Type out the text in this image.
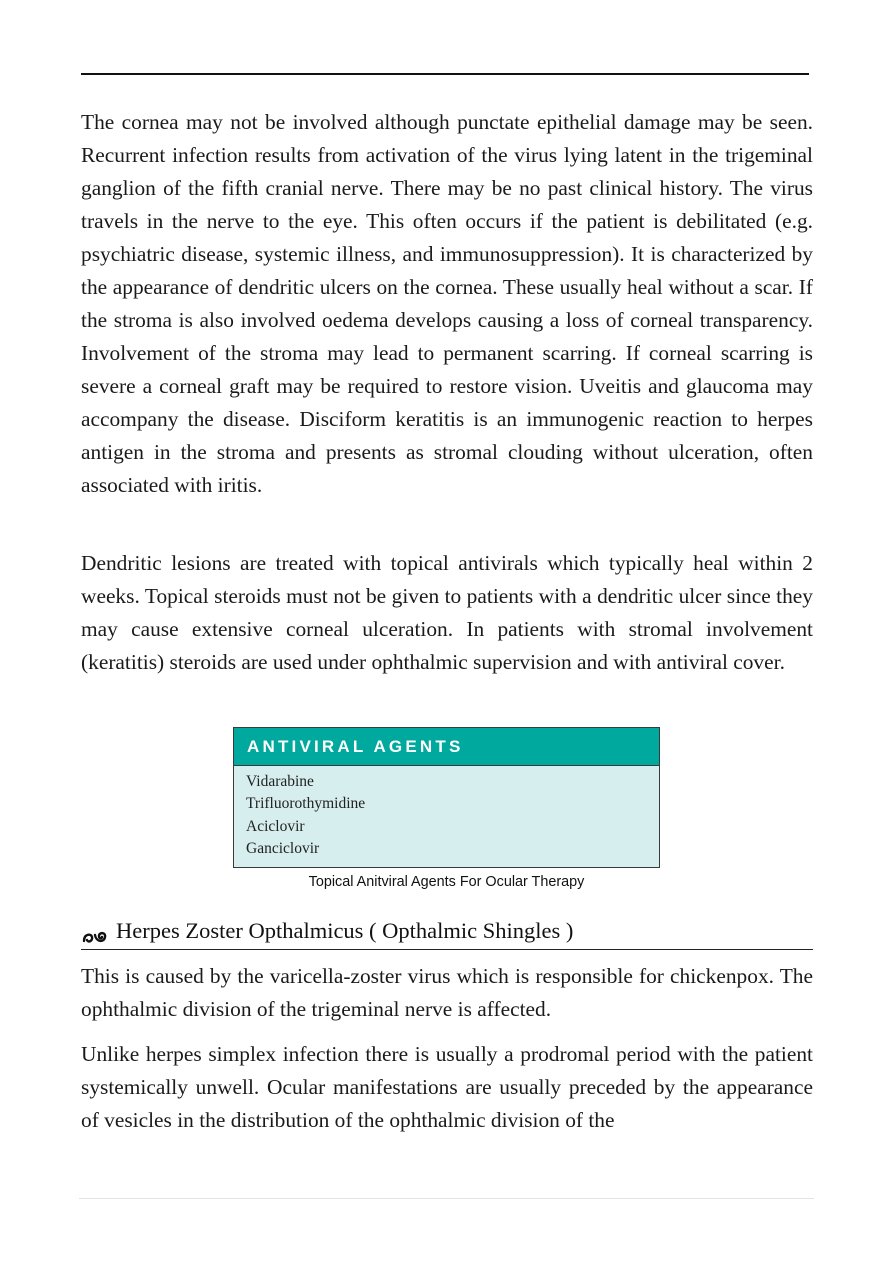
The cornea may not be involved although punctate epithelial damage may be seen. Recurrent infection results from activation of the virus lying latent in the trigeminal ganglion of the fifth cranial nerve. There may be no past clinical history. The virus travels in the nerve to the eye. This often occurs if the patient is debilitated (e.g. psychiatric disease, systemic illness, and immunosuppression). It is characterized by the appearance of dendritic ulcers on the cornea. These usually heal without a scar. If the stroma is also involved oedema develops causing a loss of corneal transparency. Involvement of the stroma may lead to permanent scarring. If corneal scarring is severe a corneal graft may be required to restore vision. Uveitis and glaucoma may accompany the disease. Disciform keratitis is an immunogenic reaction to herpes antigen in the stroma and presents as stromal clouding without ulceration, often associated with iritis.

Dendritic lesions are treated with topical antivirals which typically heal within 2 weeks. Topical steroids must not be given to patients with a dendritic ulcer since they may cause extensive corneal ulceration. In patients with stromal involvement (keratitis) steroids are used under ophthalmic supervision and with antiviral cover.

ANTIVIRAL AGENTS
Vidarabine
Trifluorothymidine
Aciclovir
Ganciclovir
Topical Anitviral Agents For Ocular Therapy
Herpes Zoster Opthalmicus ( Opthalmic Shingles )

This is caused by the varicella-zoster virus which is responsible for chickenpox. The ophthalmic division of the trigeminal nerve is affected.

Unlike herpes simplex infection there is usually a prodromal period with the patient systemically unwell. Ocular manifestations are usually preceded by the appearance of vesicles in the distribution of the ophthalmic division of the
